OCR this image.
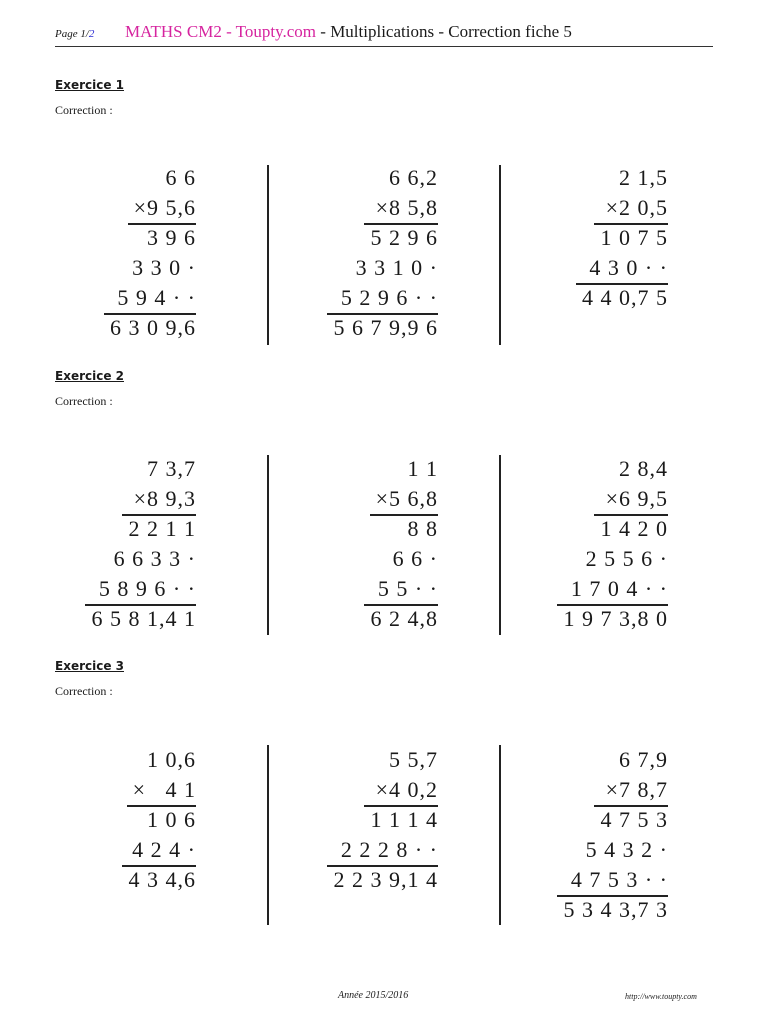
Page 1/2 MATHS CM2 - Toupty.com - Multiplications - Correction fiche 5
Exercice 1
Correction :
6 6
×9 5,6
3 9 6
3 3 0 ·
5 9 4 · ·
6 3 0 9,6
6 6,2
×8 5,8
5 2 9 6
3 3 1 0 ·
5 2 9 6 · ·
5 6 7 9,9 6
2 1,5
×2 0,5
1 0 7 5
4 3 0 · ·
4 4 0,7 5
Exercice 2
Correction :
7 3,7
×8 9,3
2 2 1 1
6 6 3 3 ·
5 8 9 6 · ·
6 5 8 1,4 1
1 1
×5 6,8
8 8
6 6 ·
5 5 · ·
6 2 4,8
2 8,4
×6 9,5
1 4 2 0
2 5 5 6 ·
1 7 0 4 · ·
1 9 7 3,8 0
Exercice 3
Correction :
1 0,6
×   4 1
1 0 6
4 2 4 ·
4 3 4,6
5 5,7
×4 0,2
1 1 1 4
2 2 2 8 · ·
2 2 3 9,1 4
6 7,9
×7 8,7
4 7 5 3
5 4 3 2 ·
4 7 5 3 · ·
5 3 4 3,7 3
Année 2015/2016	http://www.toupty.com
